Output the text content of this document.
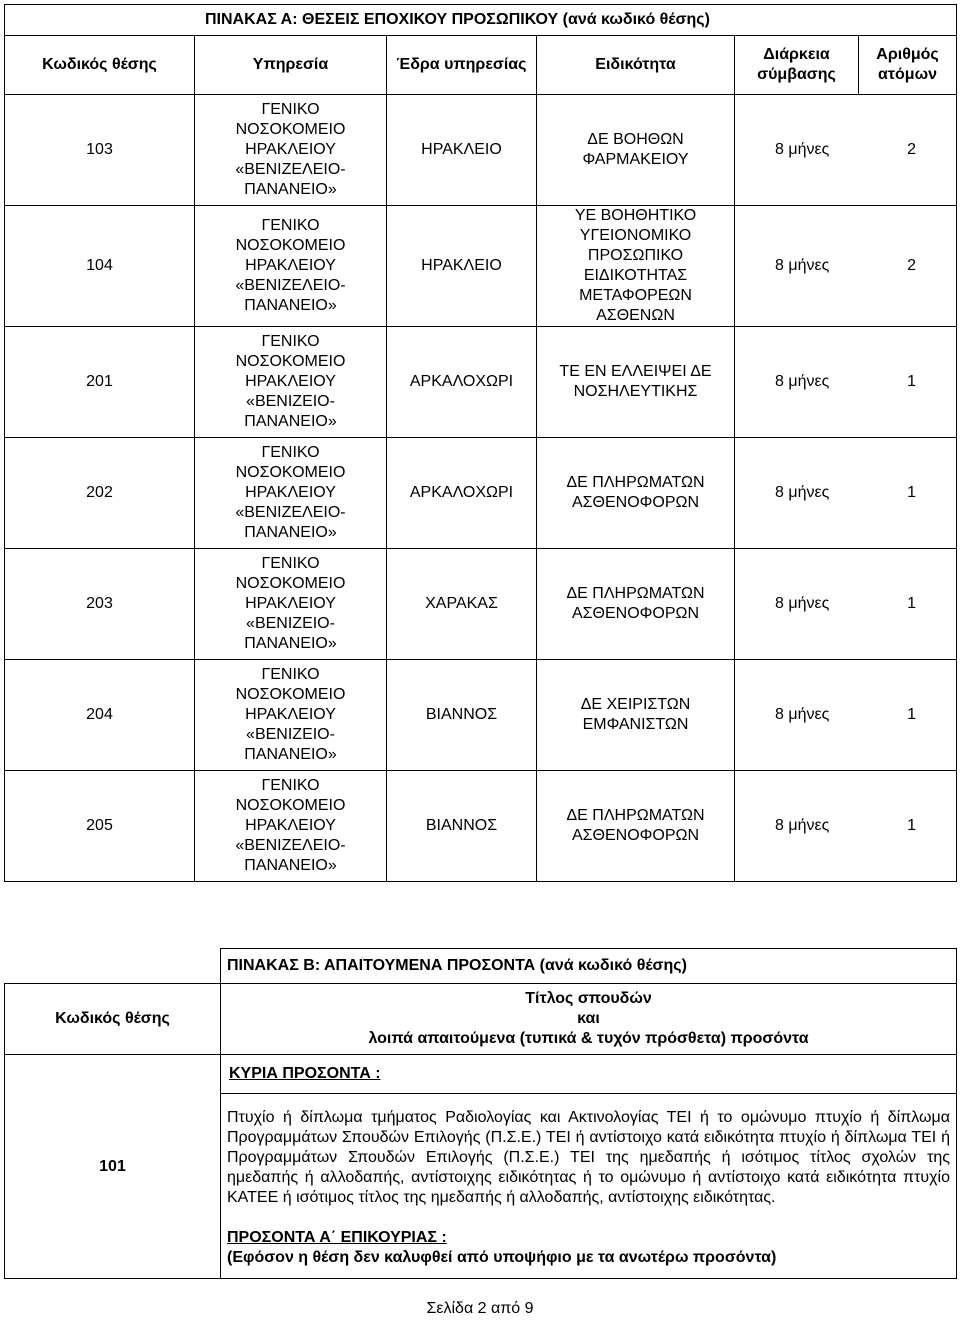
ΠΙΝΑΚΑΣ Α: ΘΕΣΕΙΣ ΕΠΟΧΙΚΟΥ ΠΡΟΣΩΠΙΚΟΥ (ανά κωδικό θέσης)					
Κωδικός θέσης	Υπηρεσία	Έδρα υπηρεσίας	Ειδικότητα	Διάρκεια σύμβασης	Αριθμός ατόμων
103	ΓΕΝΙΚΟ ΝΟΣΟΚΟΜΕΙΟ ΗΡΑΚΛΕΙΟΥ «ΒΕΝΙΖΕΛΕΙΟ-ΠΑΝΑΝΕΙΟ»	ΗΡΑΚΛΕΙΟ	ΔΕ ΒΟΗΘΩΝ ΦΑΡΜΑΚΕΙΟΥ	8 μήνες 2	

104	ΓΕΝΙΚΟ ΝΟΣΟΚΟΜΕΙΟ ΗΡΑΚΛΕΙΟΥ «ΒΕΝΙΖΕΛΕΙΟ-ΠΑΝΑΝΕΙΟ»	ΗΡΑΚΛΕΙΟ	ΥΕ ΒΟΗΘΗΤΙΚΟ ΥΓΕΙΟΝΟΜΙΚΟ ΠΡΟΣΩΠΙΚΟ ΕΙΔΙΚΟΤΗΤΑΣ ΜΕΤΑΦΟΡΕΩΝ ΑΣΘΕΝΩΝ	8 μήνες 2	

201	ΓΕΝΙΚΟ ΝΟΣΟΚΟΜΕΙΟ ΗΡΑΚΛΕΙΟΥ «ΒΕΝΙΖΕΙΟ-ΠΑΝΑΝΕΙΟ»	ΑΡΚΑΛΟΧΩΡΙ	ΤΕ ΕΝ ΕΛΛΕΙΨΕΙ ΔΕ ΝΟΣΗΛΕΥΤΙΚΗΣ	8 μήνες 1	

202	ΓΕΝΙΚΟ ΝΟΣΟΚΟΜΕΙΟ ΗΡΑΚΛΕΙΟΥ «ΒΕΝΙΖΕΛΕΙΟ-ΠΑΝΑΝΕΙΟ»	ΑΡΚΑΛΟΧΩΡΙ	ΔΕ ΠΛΗΡΩΜΑΤΩΝ ΑΣΘΕΝΟΦΟΡΩΝ	8 μήνες 1	

203	ΓΕΝΙΚΟ ΝΟΣΟΚΟΜΕΙΟ ΗΡΑΚΛΕΙΟΥ «ΒΕΝΙΖΕΙΟ-ΠΑΝΑΝΕΙΟ»	ΧΑΡΑΚΑΣ	ΔΕ ΠΛΗΡΩΜΑΤΩΝ ΑΣΘΕΝΟΦΟΡΩΝ	8 μήνες 1	

204	ΓΕΝΙΚΟ ΝΟΣΟΚΟΜΕΙΟ ΗΡΑΚΛΕΙΟΥ «ΒΕΝΙΖΕΙΟ-ΠΑΝΑΝΕΙΟ»	ΒΙΑΝΝΟΣ	ΔΕ ΧΕΙΡΙΣΤΩΝ ΕΜΦΑΝΙΣΤΩΝ	8 μήνες 1	

205	ΓΕΝΙΚΟ ΝΟΣΟΚΟΜΕΙΟ ΗΡΑΚΛΕΙΟΥ «ΒΕΝΙΖΕΛΕΙΟ-ΠΑΝΑΝΕΙΟ»	ΒΙΑΝΝΟΣ	ΔΕ ΠΛΗΡΩΜΑΤΩΝ ΑΣΘΕΝΟΦΟΡΩΝ	8 μήνες 1	
	ΠΙΝΑΚΑΣ Β: ΑΠΑΙΤΟΥΜΕΝΑ ΠΡΟΣΟΝΤΑ (ανά κωδικό θέσης)
Κωδικός θέσης	Τίτλος σπουδών
και
λοιπά απαιτούμενα (τυπικά & τυχόν πρόσθετα) προσόντα

101	ΚΥΡΙΑ ΠΡΟΣΟΝΤΑ :

	Πτυχίο ή δίπλωμα τμήματος Ραδιολογίας και Ακτινολογίας ΤΕΙ ή το ομώνυμο πτυχίο ή δίπλωμα Προγραμμάτων Σπουδών Επιλογής (Π.Σ.Ε.) ΤΕΙ ή αντίστοιχο κατά ειδικότητα πτυχίο ή δίπλωμα ΤΕΙ ή Προγραμμάτων Σπουδών Επιλογής (Π.Σ.Ε.) ΤΕΙ της ημεδαπής ή ισότιμος τίτλος σχολών της ημεδαπής ή αλλοδαπής, αντίστοιχης ειδικότητας ή το ομώνυμο ή αντίστοιχο κατά ειδικότητα πτυχίο ΚΑΤΕΕ ή ισότιμος τίτλος της ημεδαπής ή αλλοδαπής, αντίστοιχης ειδικότητας.
ΠΡΟΣΟΝΤΑ Α΄ ΕΠΙΚΟΥΡΙΑΣ :
(Εφόσον η θέση δεν καλυφθεί από υποψήφιο με τα ανωτέρω προσόντα)
Σελίδα 2 από 9
